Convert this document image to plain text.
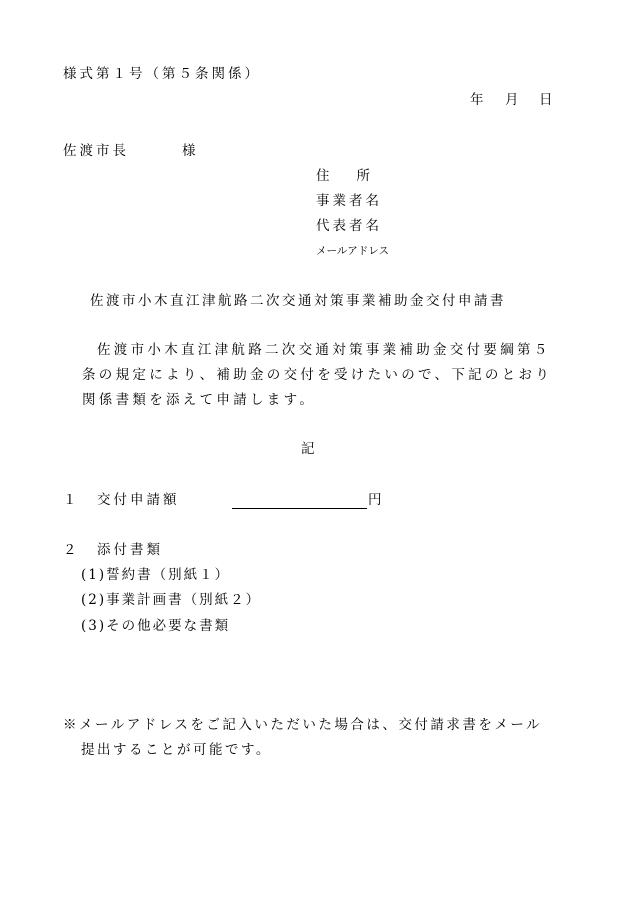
様式第１号（第５条関係）
年 月 日
佐渡市長	様
住　　所
事業者名
代表者名
メールアドレス
佐渡市小木直江津航路二次交通対策事業補助金交付申請書
佐渡市小木直江津航路二次交通対策事業補助金交付要綱第５
条の規定により、補助金の交付を受けたいので、下記のとおり
関係書類を添えて申請します。
記
１ 交付申請額	円
２ 添付書類
(1)誓約書（別紙１）
(2)事業計画書（別紙２）
(3)その他必要な書類
※メールアドレスをご記入いただいた場合は、交付請求書をメール
提出することが可能です。
